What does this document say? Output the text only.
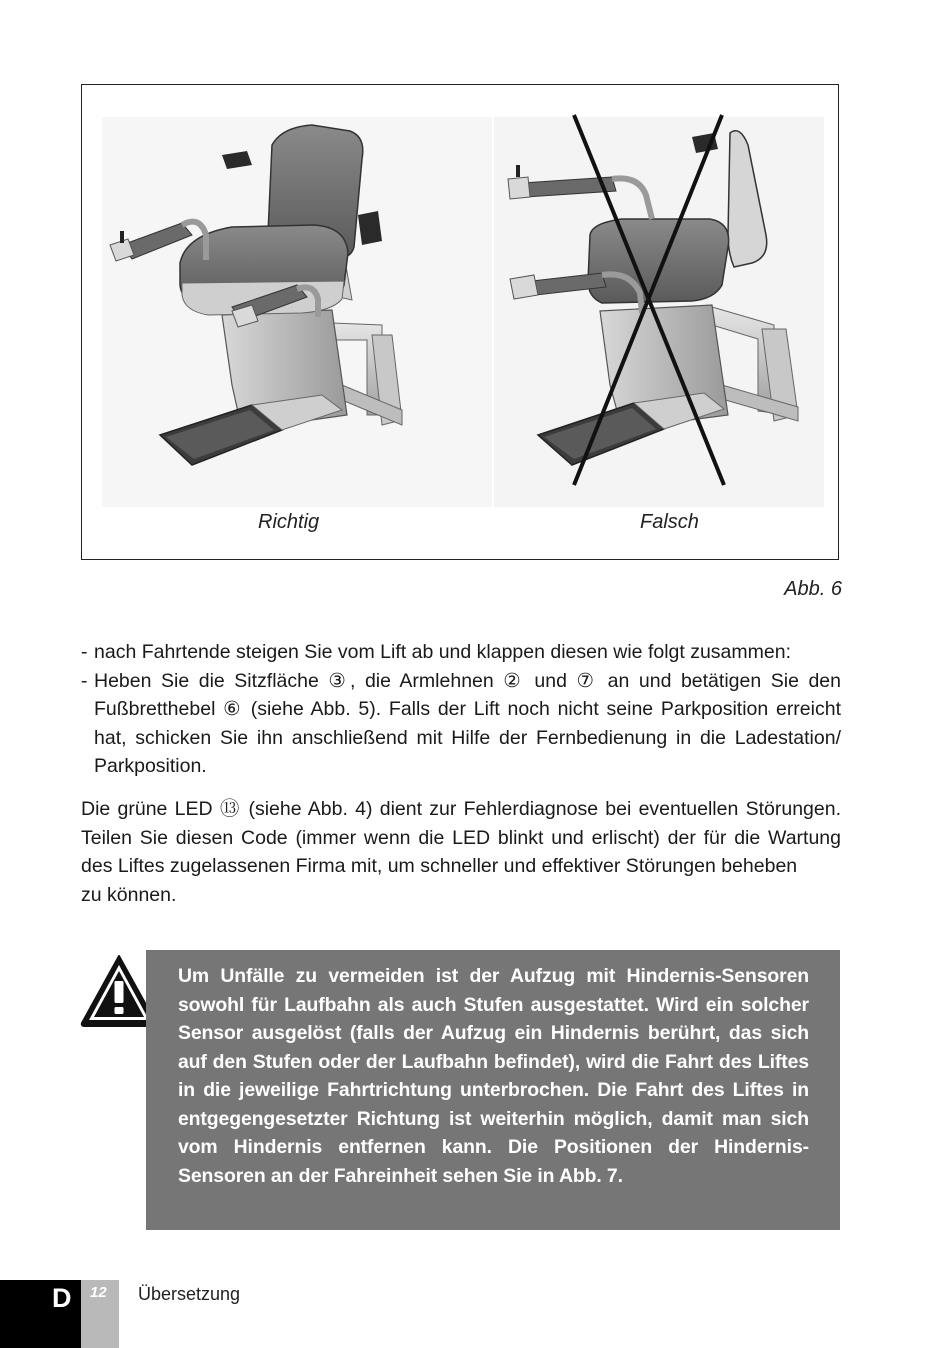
Richtig	Falsch
Abb. 6
- nach Fahrtende steigen Sie vom Lift ab und klappen diesen wie folgt zusammen:
- Heben Sie die Sitzfläche ③, die Armlehnen ② und ⑦ an und betätigen Sie den Fußbretthebel ⑥ (siehe Abb. 5). Falls der Lift noch nicht seine Parkposition erreicht hat, schicken Sie ihn anschließend mit Hilfe der Fernbedienung in die Ladestation/ Parkposition.
Die grüne LED ⑬ (siehe Abb. 4) dient zur Fehlerdiagnose bei eventuellen Störungen. Teilen Sie diesen Code (immer wenn die LED blinkt und erlischt) der für die Wartung des Liftes zugelassenen Firma mit, um schneller und effektiver Störungen beheben
zu können.
Um Unfälle zu vermeiden ist der Aufzug mit Hindernis-Sensoren sowohl für Laufbahn als auch Stufen ausgestattet. Wird ein solcher Sensor ausgelöst (falls der Aufzug ein Hindernis berührt, das sich auf den Stufen oder der Laufbahn befindet), wird die Fahrt des Liftes in die jeweilige Fahrtrichtung unterbrochen. Die Fahrt des Liftes in entgegengesetzter Richtung ist weiterhin möglich, damit man sich vom Hindernis entfernen kann. Die Positionen der Hindernis-Sensoren an der Fahreinheit sehen Sie in Abb. 7.
D 12 Übersetzung
